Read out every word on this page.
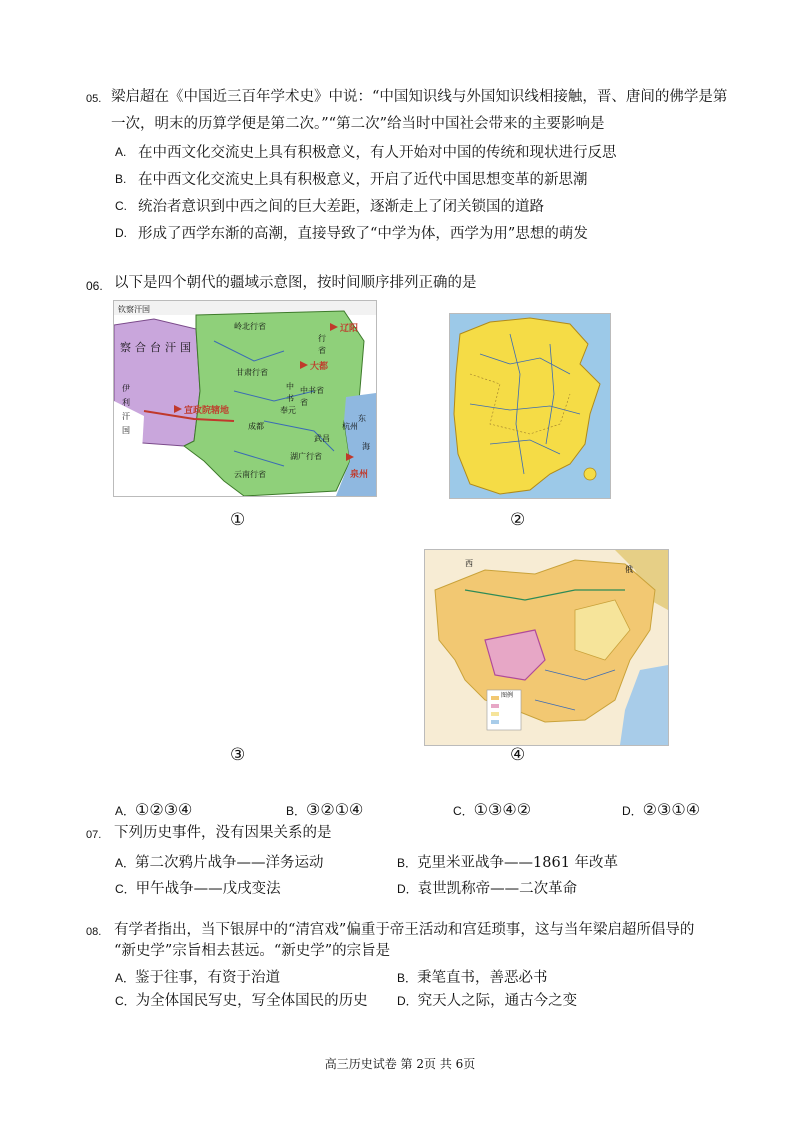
05. 梁启超在《中国近三百年学术史》中说：“中国知识线与外国知识线相接触，晋、唐间的佛学是第
一次，明末的历算学便是第二次。”“第二次”给当时中国社会带来的主要影响是
A. 在中西文化交流史上具有积极意义，有人开始对中国的传统和现状进行反思
B. 在中西文化交流史上具有积极意义，开启了近代中国思想变革的新思潮
C. 统治者意识到中西之间的巨大差距，逐渐走上了闭关锁国的道路
D. 形成了西学东渐的高潮，直接导致了“中学为体，西学为用”思想的萌发
06. 以下是四个朝代的疆域示意图，按时间顺序排列正确的是
钦察汗国
察合台汗国
伊
利
汗
国
辽阳
大都
宣政院辖地
杭州
成都
甘肃行省
岭北行省
中书省
武昌
奉元
泉州
云南行省
湖广行省
行
省
中
书 省
东
海
①	②
俄
西
图例
③	④
A．①②③④	B．③②①④	C．①③④②	D．②③①④
07. 下列历史事件，没有因果关系的是
A．第二次鸦片战争——洋务运动	B．克里米亚战争——1861 年改革
C．甲午战争——戊戌变法	D．袁世凯称帝——二次革命
08. 有学者指出，当下银屏中的“清宫戏”偏重于帝王活动和宫廷琐事，这与当年梁启超所倡导的
“新史学”宗旨相去甚远。“新史学”的宗旨是
A．鉴于往事，有资于治道	B．秉笔直书，善恶必书
C．为全体国民写史，写全体国民的历史 D．究天人之际，通古今之变
高三历史试卷 第 2页 共 6页
